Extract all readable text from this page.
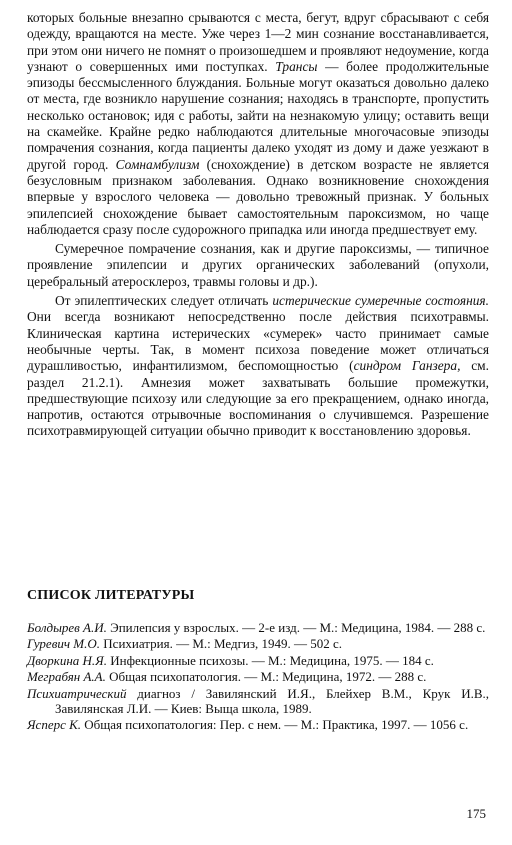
которых больные внезапно срываются с места, бегут, вдруг сбрасывают с себя одежду, вращаются на месте. Уже через 1—2 мин сознание восстанавливается, при этом они ничего не помнят о произошедшем и проявляют недоумение, когда узнают о совершенных ими поступках. Трансы — более продолжительные эпизоды бессмысленного блуждания. Больные могут оказаться довольно далеко от места, где возникло нарушение сознания; находясь в транспорте, пропустить несколько остановок; идя с работы, зайти на незнакомую улицу; оставить вещи на скамейке. Крайне редко наблюдаются длительные многочасовые эпизоды помрачения сознания, когда пациенты далеко уходят из дому и даже уезжают в другой город. Сомнамбулизм (снохождение) в детском возрасте не является безусловным признаком заболевания. Однако возникновение снохождения впервые у взрослого человека — довольно тревожный признак. У больных эпилепсией снохождение бывает самостоятельным пароксизмом, но чаще наблюдается сразу после судорожного припадка или иногда предшествует ему.

Сумеречное помрачение сознания, как и другие пароксизмы, — типичное проявление эпилепсии и других органических заболеваний (опухоли, церебральный атеросклероз, травмы головы и др.).

От эпилептических следует отличать истерические сумеречные состояния. Они всегда возникают непосредственно после действия психотравмы. Клиническая картина истерических «сумерек» часто принимает самые необычные черты. Так, в момент психоза поведение может отличаться дурашливостью, инфантилизмом, беспомощностью (синдром Ганзера, см. раздел 21.2.1). Амнезия может захватывать большие промежутки, предшествующие психозу или следующие за его прекращением, однако иногда, напротив, остаются отрывочные воспоминания о случившемся. Разрешение психотравмирующей ситуации обычно приводит к восстановлению здоровья.

СПИСОК ЛИТЕРАТУРЫ

Болдырев А.И. Эпилепсия у взрослых. — 2-е изд. — М.: Медицина, 1984. — 288 с.

Гуревич М.О. Психиатрия. — М.: Медгиз, 1949. — 502 с.

Дворкина Н.Я. Инфекционные психозы. — М.: Медицина, 1975. — 184 с.

Меграбян А.А. Общая психопатология. — М.: Медицина, 1972. — 288 с.

Психиатрический диагноз / Завилянский И.Я., Блейхер В.М., Крук И.В., Завилянская Л.И. — Киев: Выща школа, 1989.

Ясперс К. Общая психопатология: Пер. с нем. — М.: Практика, 1997. — 1056 с.

175
